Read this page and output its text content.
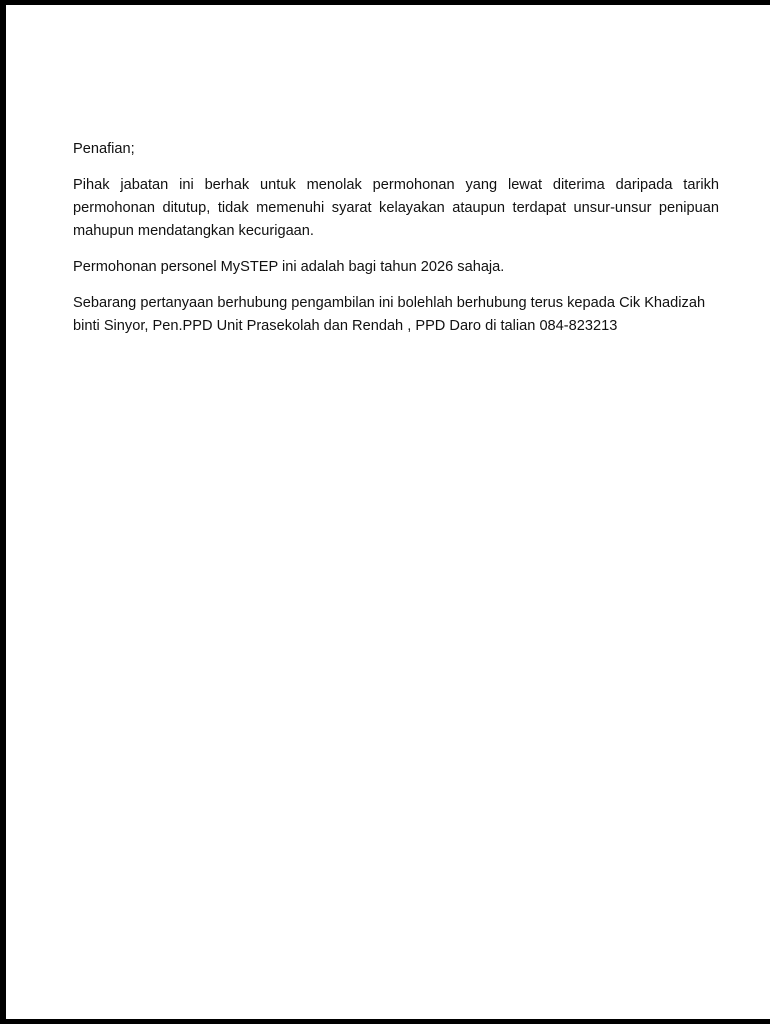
Penafian;

Pihak jabatan ini berhak untuk menolak permohonan yang lewat diterima daripada tarikh permohonan ditutup, tidak memenuhi syarat kelayakan ataupun terdapat unsur-unsur penipuan mahupun mendatangkan kecurigaan.

Permohonan personel MySTEP ini adalah bagi tahun 2026 sahaja.

Sebarang pertanyaan berhubung pengambilan ini bolehlah berhubung terus kepada Cik Khadizah binti Sinyor, Pen.PPD Unit Prasekolah dan Rendah , PPD Daro di talian 084-823213
